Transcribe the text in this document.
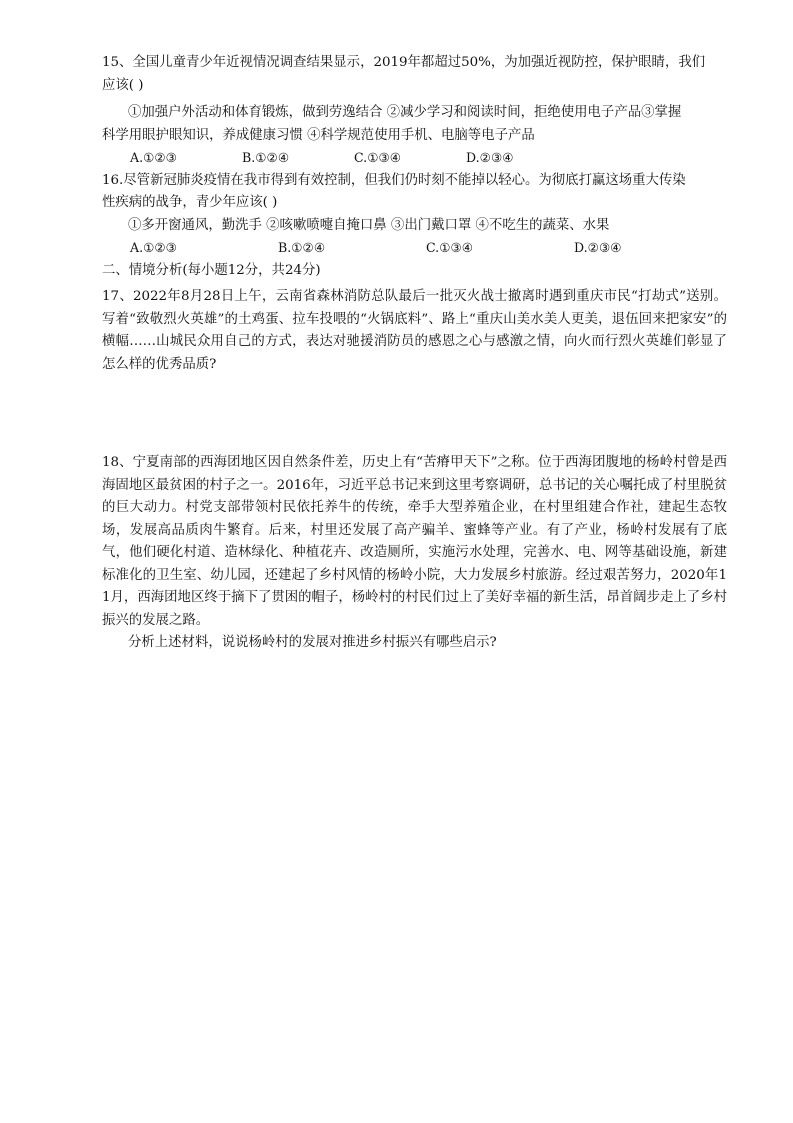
15、全国儿童青少年近视情况调查结果显示，2019年都超过50%，为加强近视防控，保护眼睛，我们

应该( )

①加强户外活动和体育锻炼，做到劳逸结合 ②减少学习和阅读时间，拒绝使用电子产品③掌握

科学用眼护眼知识，养成健康习惯 ④科学规范使用手机、电脑等电子产品

A.①②③	B.①②④	C.①③④	D.②③④

16.尽管新冠肺炎疫情在我市得到有效控制，但我们仍时刻不能掉以轻心。为彻底打赢这场重大传染

性疾病的战争，青少年应该( )

①多开窗通风，勤洗手 ②咳嗽喷嚏自掩口鼻 ③出门戴口罩 ④不吃生的蔬菜、水果

A.①②③	B.①②④	C.①③④	D.②③④

二、情境分析(每小题12分，共24分)

17、2022年8月28日上午，云南省森林消防总队最后一批灭火战士撤离时遇到重庆市民“打劫式”送别。写着“致敬烈火英雄”的土鸡蛋、拉车投喂的“火锅底料”、路上“重庆山美水美人更美，退伍回来把家安”的横幅……山城民众用自己的方式，表达对驰援消防员的感恩之心与感激之情，向火而行烈火英雄们彰显了怎么样的优秀品质?

18、宁夏南部的西海团地区因自然条件差，历史上有“苦瘠甲天下”之称。位于西海团腹地的杨岭村曾是西海固地区最贫困的村子之一。2016年，习近平总书记来到这里考察调研，总书记的关心嘱托成了村里脱贫的巨大动力。村党支部带领村民依托养牛的传统，牵手大型养殖企业，在村里组建合作社，建起生态牧场，发展高品质肉牛繁育。后来，村里还发展了高产骗羊、蜜蜂等产业。有了产业，杨岭村发展有了底气，他们硬化村道、造林绿化、种植花卉、改造厕所，实施污水处理，完善水、电、网等基础设施，新建标准化的卫生室、幼儿园，还建起了乡村风情的杨岭小院，大力发展乡村旅游。经过艰苦努力，2020年11月，西海团地区终于摘下了贯困的帽子，杨岭村的村民们过上了美好幸福的新生活，昂首阔步走上了乡村振兴的发展之路。

分析上述材料，说说杨岭村的发展对推进乡村振兴有哪些启示?
